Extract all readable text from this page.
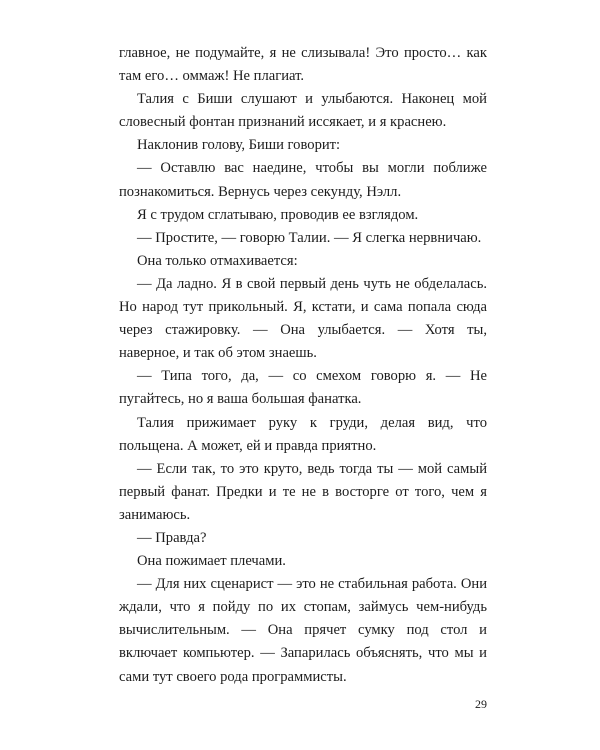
главное, не подумайте, я не слизывала! Это просто… как там его… оммаж! Не плагиат.

Талия с Биши слушают и улыбаются. Наконец мой словесный фонтан признаний иссякает, и я краснею.

Наклонив голову, Биши говорит:

— Оставлю вас наедине, чтобы вы могли поближе познакомиться. Вернусь через секунду, Нэлл.

Я с трудом сглатываю, проводив ее взглядом.

— Простите, — говорю Талии. — Я слегка нервничаю.

Она только отмахивается:

— Да ладно. Я в свой первый день чуть не обделалась. Но народ тут прикольный. Я, кстати, и сама попала сюда через стажировку. — Она улыбается. — Хотя ты, наверное, и так об этом знаешь.

— Типа того, да, — со смехом говорю я. — Не пугайтесь, но я ваша большая фанатка.

Талия прижимает руку к груди, делая вид, что польщена. А может, ей и правда приятно.

— Если так, то это круто, ведь тогда ты — мой самый первый фанат. Предки и те не в восторге от того, чем я занимаюсь.

— Правда?

Она пожимает плечами.

— Для них сценарист — это не стабильная работа. Они ждали, что я пойду по их стопам, займусь чем-нибудь вычислительным. — Она прячет сумку под стол и включает компьютер. — Запарилась объяснять, что мы и сами тут своего рода программисты.

29
